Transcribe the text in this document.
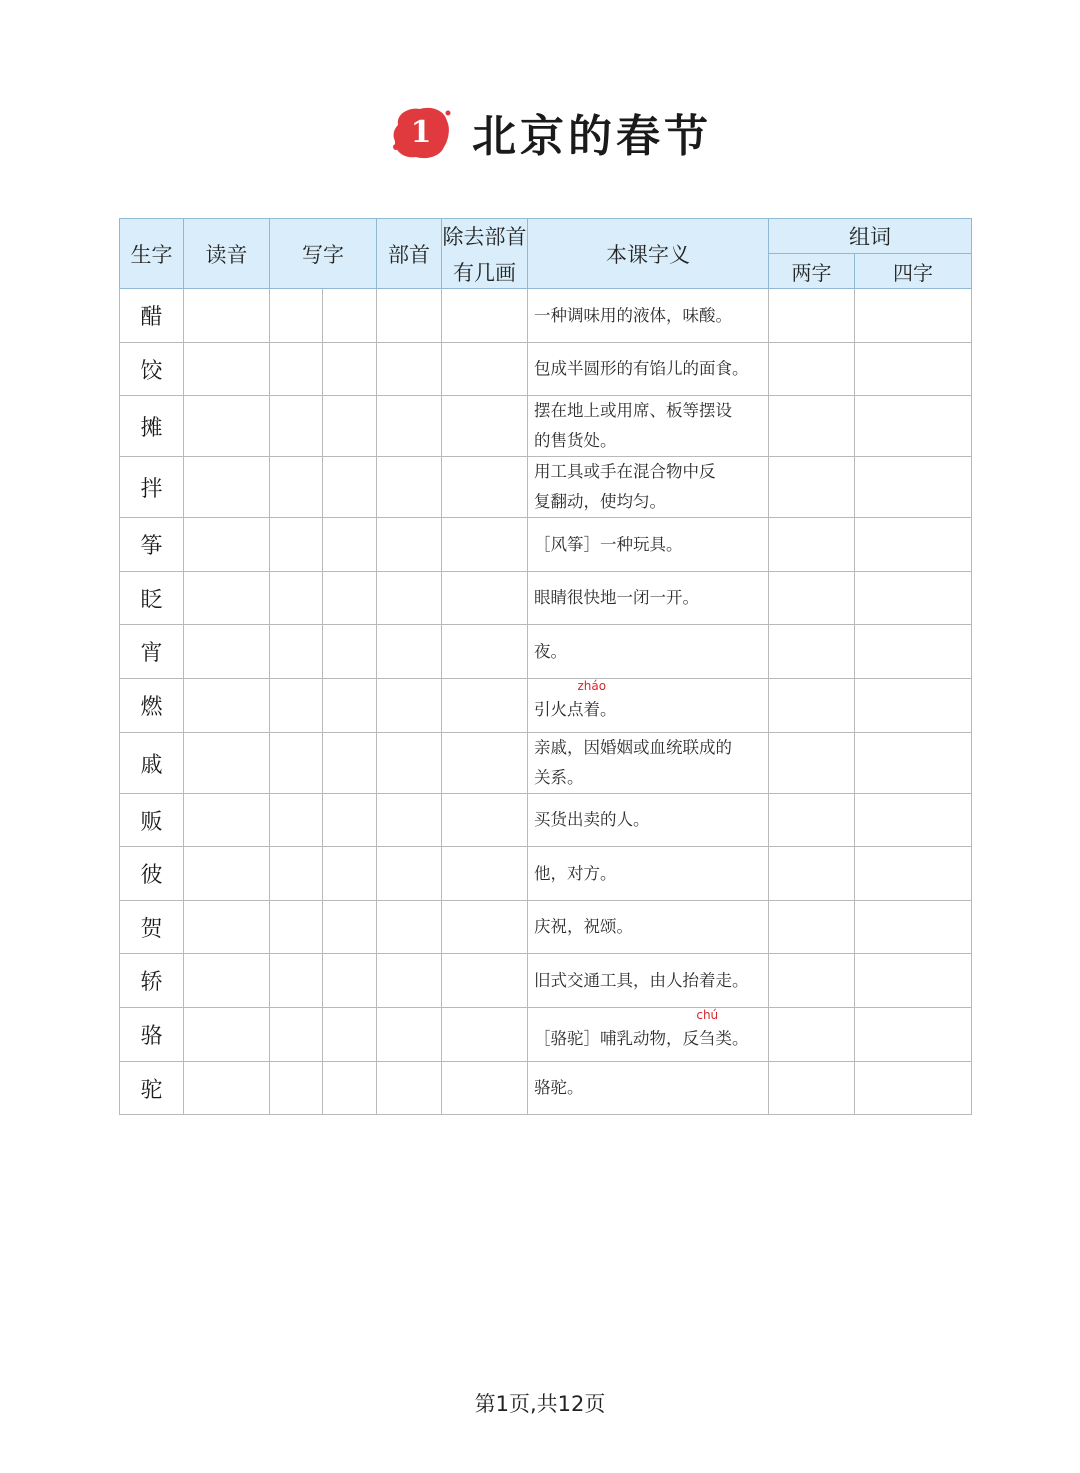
1 北京的春节
生字	读音	写字		部首	除去部首
有几画	本课字义	组词	
							两字	四字
醋						一种调味用的液体，味酸。		

饺						包成半圆形的有馅儿的面食。		

摊						摆在地上或用席、板等摆设
的售货处。		

拌						用工具或手在混合物中反
复翻动，使均匀。		

筝						［风筝］一种玩具。		

眨						眼睛很快地一闭一开。		

宵						夜。		

燃						引火点
zháo
着。		

戚						亲戚，因婚姻或血统联成的
关系。		

贩						买货出卖的人。		

彼						他，对方。		

贺						庆祝，祝颂。		

轿						旧式交通工具，由人抬着走。		

骆						［骆驼］哺乳动物，反
chú
刍类。		

驼						骆驼。		

第1页,共12页
